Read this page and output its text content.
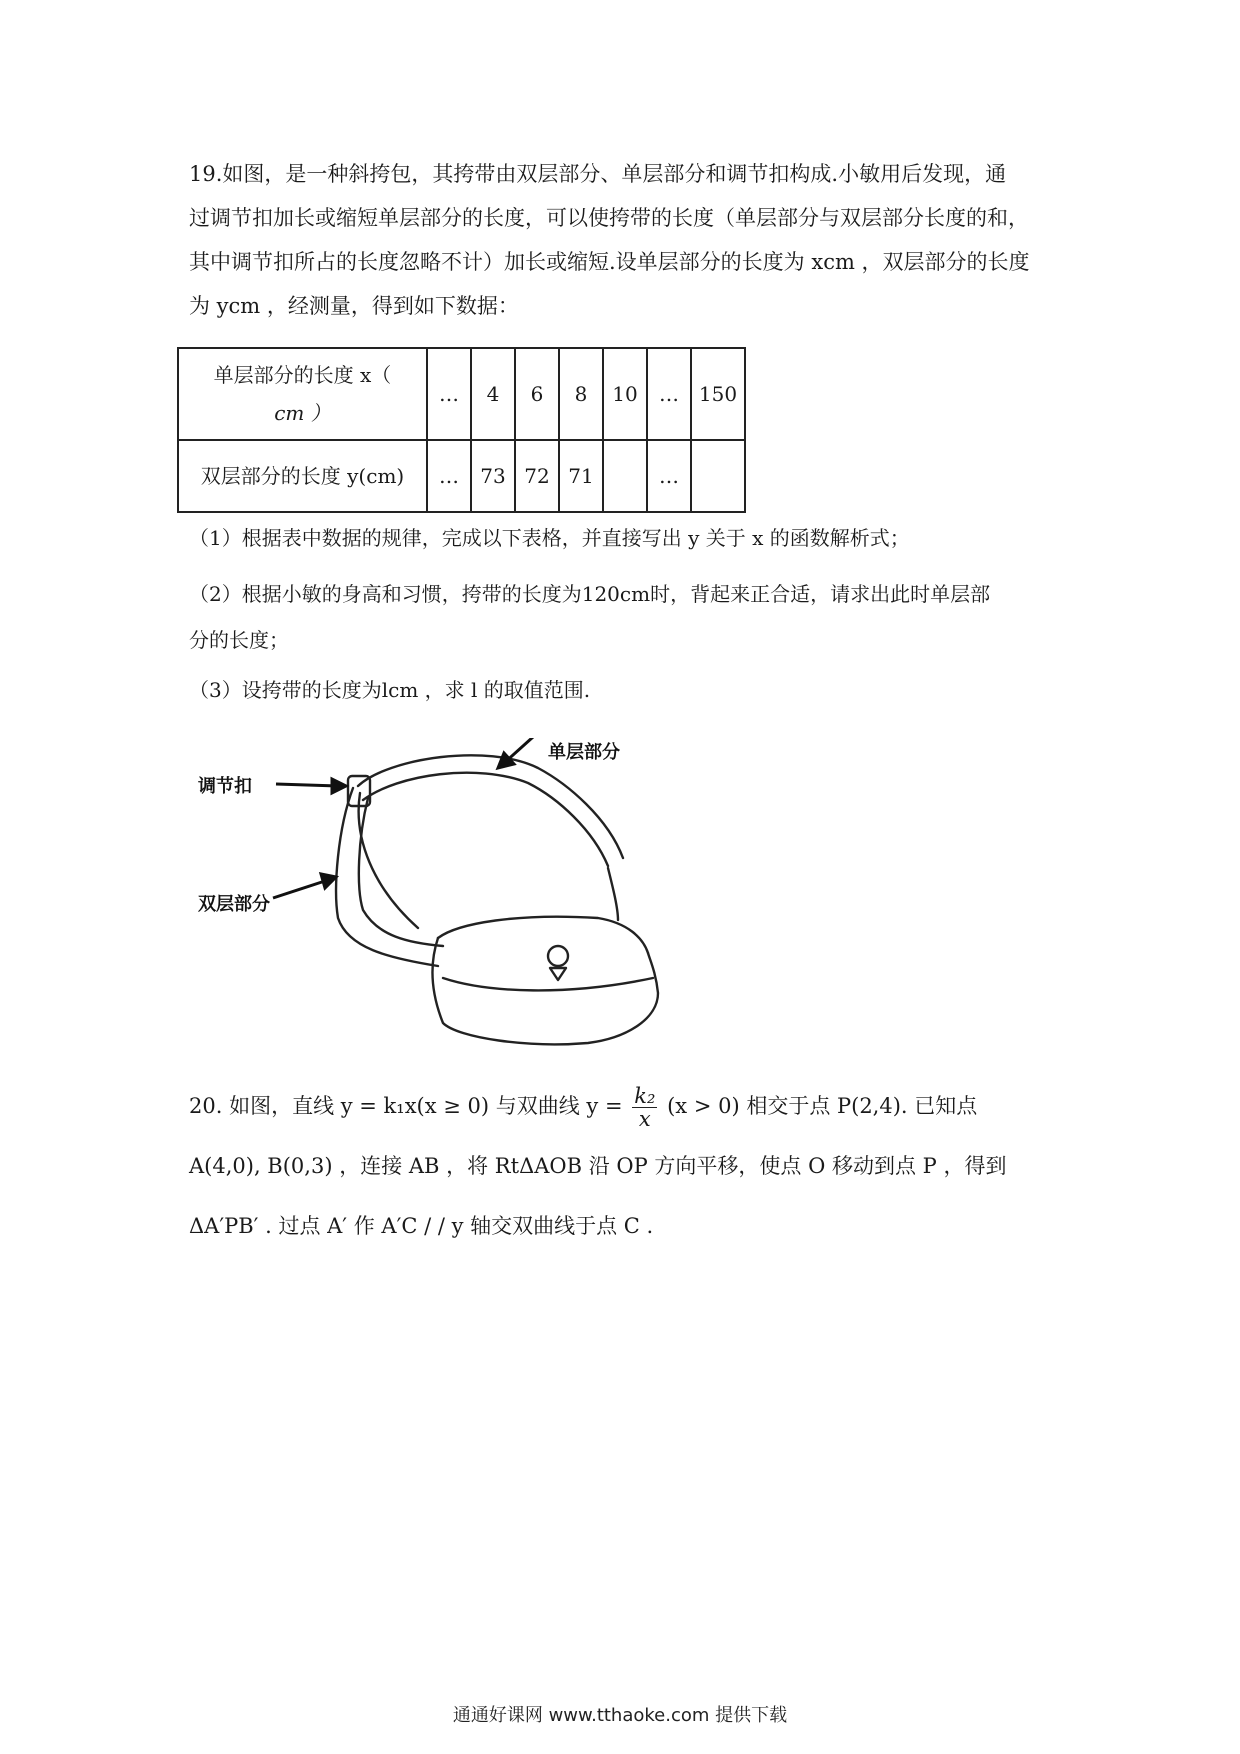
19.如图，是一种斜挎包，其挎带由双层部分、单层部分和调节扣构成.小敏用后发现，通
过调节扣加长或缩短单层部分的长度，可以使挎带的长度（单层部分与双层部分长度的和，
其中调节扣所占的长度忽略不计）加长或缩短.设单层部分的长度为 xcm ，双层部分的长度
为 ycm ，经测量，得到如下数据：
单层部分的长度 x（
cm ）	…	4	6	8	10	…	150
双层部分的长度 y(cm)	…	73	72	71		…	
（1）根据表中数据的规律，完成以下表格，并直接写出 y 关于 x 的函数解析式；
（2）根据小敏的身高和习惯，挎带的长度为120cm时，背起来正合适，请求出此时单层部
分的长度；
（3）设挎带的长度为lcm ，求 l 的取值范围.
调节扣
单层部分
双层部分
20. 如图，直线 y = k₁x(x ≥ 0) 与双曲线 $y = \frac{\text{k₂}}{x} (x > 0)$ 相交于点 P(2,4). 已知点
A(4,0), B(0,3) ，连接 AB ，将 RtΔAOB 沿 OP 方向平移，使点 O 移动到点 P ，得到
ΔA′PB′ . 过点 A′ 作 A′C / / y 轴交双曲线于点 C .
通通好课网 www.tthaoke.com 提供下载
